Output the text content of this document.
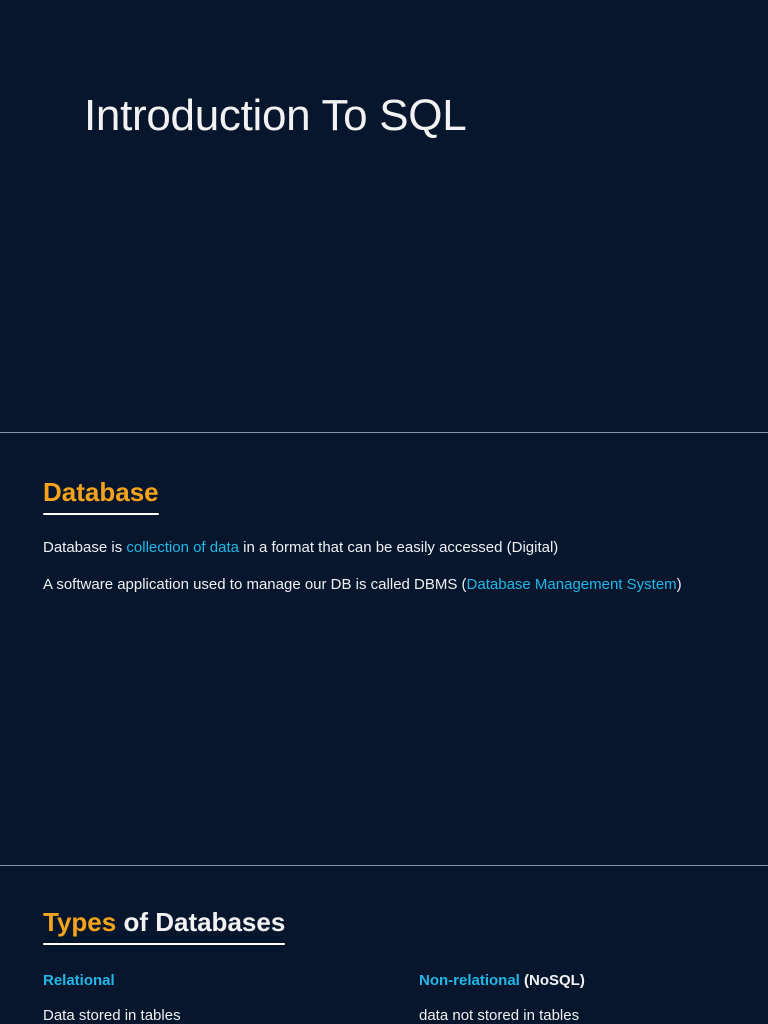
Introduction To SQL
Database

Database is collection of data in a format that can be easily accessed (Digital)

A software application used to manage our DB is called DBMS (Database Management System)

Types of Databases

Relational

Data stored in tables

Non-relational (NoSQL)

data not stored in tables
